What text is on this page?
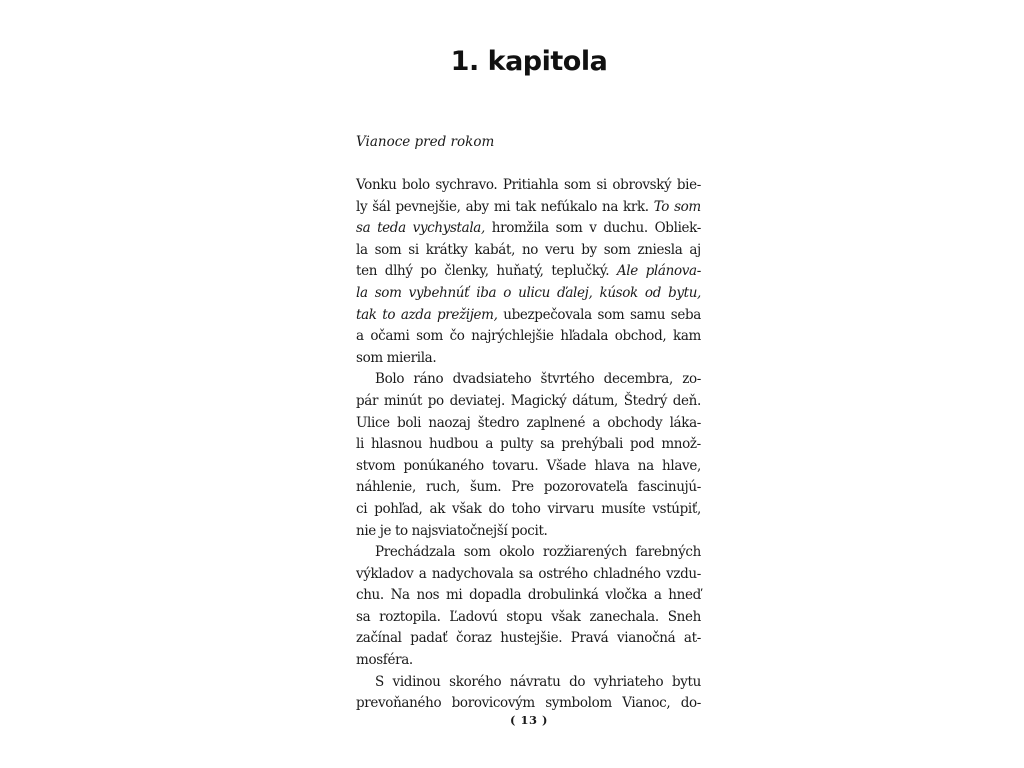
1. kapitola
Vianoce pred rokom
Vonku bolo sychravo. Pritiahla som si obrovský bie-
ly šál pevnejšie, aby mi tak nefúkalo na krk. To som
sa teda vychystala, hromžila som v duchu. Obliek-
la som si krátky kabát, no veru by som zniesla aj
ten dlhý po členky, huňatý, teplučký. Ale plánova-
la som vybehnúť iba o ulicu ďalej, kúsok od bytu,
tak to azda prežijem, ubezpečovala som samu seba
a očami som čo najrýchlejšie hľadala obchod, kam
som mierila.
Bolo ráno dvadsiateho štvrtého decembra, zo-
pár minút po deviatej. Magický dátum, Štedrý deň.
Ulice boli naozaj štedro zaplnené a obchody láka-
li hlasnou hudbou a pulty sa prehýbali pod množ-
stvom ponúkaného tovaru. Všade hlava na hlave,
náhlenie, ruch, šum. Pre pozorovateľa fascinujú-
ci pohľad, ak však do toho virvaru musíte vstúpiť,
nie je to najsviatočnejší pocit.
Prechádzala som okolo rozžiarených farebných
výkladov a nadychovala sa ostrého chladného vzdu-
chu. Na nos mi dopadla drobulinká vločka a hneď
sa roztopila. Ľadovú stopu však zanechala. Sneh
začínal padať čoraz hustejšie. Pravá vianočná at-
mosféra.
S vidinou skorého návratu do vyhriateho bytu
prevoňaného borovicovým symbolom Vianoc, do-
( 13 )
